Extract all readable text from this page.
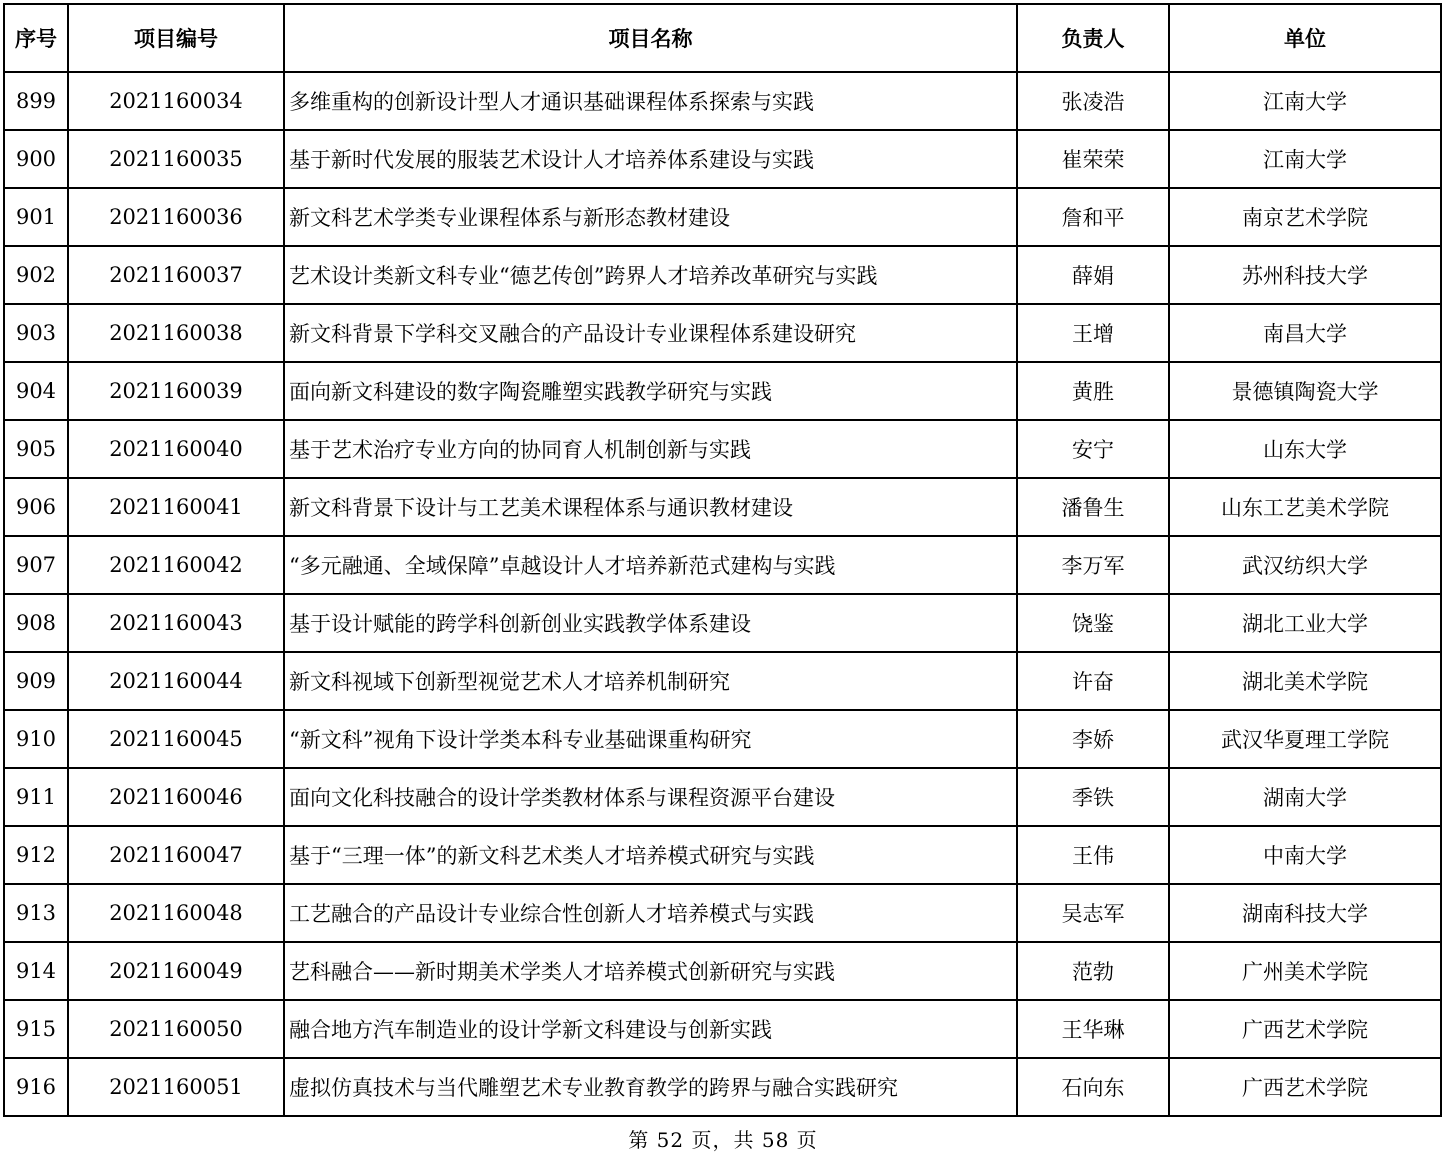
序号	项目编号	项目名称	负责人	单位
899	2021160034	多维重构的创新设计型人才通识基础课程体系探索与实践	张凌浩	江南大学
900	2021160035	基于新时代发展的服装艺术设计人才培养体系建设与实践	崔荣荣	江南大学
901	2021160036	新文科艺术学类专业课程体系与新形态教材建设	詹和平	南京艺术学院
902	2021160037	艺术设计类新文科专业“德艺传创”跨界人才培养改革研究与实践	薛娟	苏州科技大学
903	2021160038	新文科背景下学科交叉融合的产品设计专业课程体系建设研究	王增	南昌大学
904	2021160039	面向新文科建设的数字陶瓷雕塑实践教学研究与实践	黄胜	景德镇陶瓷大学
905	2021160040	基于艺术治疗专业方向的协同育人机制创新与实践	安宁	山东大学
906	2021160041	新文科背景下设计与工艺美术课程体系与通识教材建设	潘鲁生	山东工艺美术学院
907	2021160042	“多元融通、全域保障”卓越设计人才培养新范式建构与实践	李万军	武汉纺织大学
908	2021160043	基于设计赋能的跨学科创新创业实践教学体系建设	饶鉴	湖北工业大学
909	2021160044	新文科视域下创新型视觉艺术人才培养机制研究	许奋	湖北美术学院
910	2021160045	“新文科”视角下设计学类本科专业基础课重构研究	李娇	武汉华夏理工学院
911	2021160046	面向文化科技融合的设计学类教材体系与课程资源平台建设	季铁	湖南大学
912	2021160047	基于“三理一体”的新文科艺术类人才培养模式研究与实践	王伟	中南大学
913	2021160048	工艺融合的产品设计专业综合性创新人才培养模式与实践	吴志军	湖南科技大学
914	2021160049	艺科融合——新时期美术学类人才培养模式创新研究与实践	范勃	广州美术学院
915	2021160050	融合地方汽车制造业的设计学新文科建设与创新实践	王华琳	广西艺术学院
916	2021160051	虚拟仿真技术与当代雕塑艺术专业教育教学的跨界与融合实践研究	石向东	广西艺术学院
第 52 页，共 58 页
